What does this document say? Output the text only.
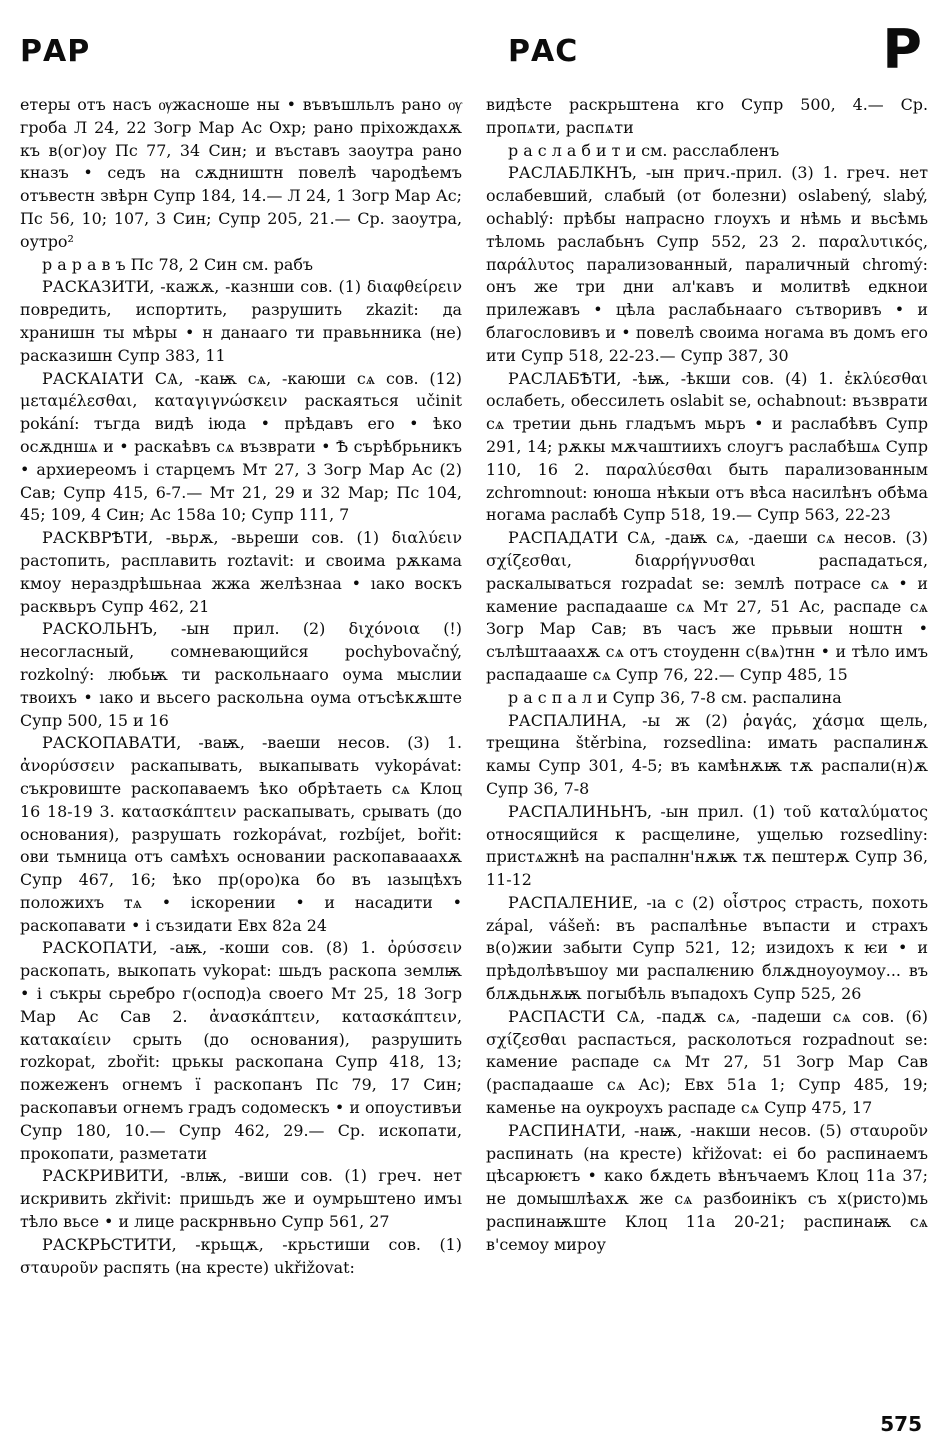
РАР	РАС	Р

етеры отъ насъ ѹжасноше ны • въвъшльлъ рано ѹ гроба Л 24, 22 Зогр Мар Ас Охр; рано прiхождахѫ къ в(ог)оу Пс 77, 34 Син; и въставъ заоутра рано кназъ • седъ на сѫдништн повелѣ чародѣемъ отъвестн звѣрн Супр 184, 14.— Л 24, 1 Зогр Мар Ас; Пс 56, 10; 107, 3 Син; Супр 205, 21.— Ср. заоутра, оутро²

р а р а в ъ Пс 78, 2 Син см. рабъ

РАСКАЗИТИ, -кажѫ, -казнши сов. (1) διαφθείρειν повредить, испортить, разрушить zkazit: да хранишн ты мѣры • н данааго ти правьнника (не) расказишн Супр 383, 11

РАСКАIАТИ СѦ, -каѭ сѧ, -каюши сѧ сов. (12) μεταμέλεσθαι, καταγιγνώσκειν раскаяться učinit pokání: тъгда видѣ іюда • прѣдавъ его • ѣко осѫдншѧ и • раскаѣвъ сѧ възврати • Ѣ сърѣбрьникъ • архиереомъ і старцемъ Мт 27, 3 Зогр Мар Ас (2) Сав; Супр 415, 6-7.— Мт 21, 29 и 32 Мар; Пс 104, 45; 109, 4 Син; Ас 158а 10; Супр 111, 7

РАСКВРѢТИ, -вьрѫ, -вьреши сов. (1) διαλύειν растопить, расплавить roztavit: и своима рѫкама кмоу нераздрѣшьнаа жжа желѣзнаа • ıако воскъ расквьръ Супр 462, 21

РАСКОЛЬНЪ, -ын прил. (2) διχόνοια (!) несогласный, сомневающийся pochybovačný, rozkolný: любьѭ ти раскольнааго оума мыслии твоихъ • ıако и вьсего раскольна оума отъсѣкѫште Супр 500, 15 и 16

РАСКОПАВАТИ, -ваѭ, -ваеши несов. (3) 1. ἀνορύσσειν раскапывать, выкапывать vykopávat: съкровиште раскопаваемъ ѣко обрѣтаеть сѧ Клоц 16 18-19 3. κατασκάπτειν раскапывать, срывать (до основания), разрушать rozkopávat, rozbíjet, bořit: ови тьмница отъ самѣхъ основании раскопавааахѫ Супр 467, 16; ѣко пр(оро)ка бо въ ıазыцѣхъ положихъ тѧ • іскорении • и насадити • раскопавати • і съзидати Евх 82а 24

РАСКОПАТИ, -аѭ, -коши сов. (8) 1. ὀρύσσειν раскопать, выкопать vykopat: шьдъ раскопа землѭ • і съкры сьребро г(оспод)а своего Мт 25, 18 Зогр Мар Ас Сав 2. ἀνασκάπτειν, κατασκάπτειν, κατακαίειν срыть (до основания), разрушить rozkopat, zbořit: црькы раскопана Супр 418, 13; пожеженъ огнемъ ї раскопанъ Пс 79, 17 Син; раскопавъи огнемъ градъ содомескъ • и опоустивъи Супр 180, 10.— Супр 462, 29.— Ср. ископати, прокопати, разметати

РАСКРИВИТИ, -влѭ, -виши сов. (1) греч. нет искривить zkřivit: пришьдъ же и оумрьштено имъı тѣло вьсе • и лице раскрнвьно Супр 561, 27

РАСКРЬСТИТИ, -крьщѫ, -крьстиши сов. (1) σταυροῦν распять (на кресте) ukřižovat:

видѣсте раскрьштена кго Супр 500, 4.— Ср. пропѧти, распѧти

р а с л а б и т и см. расслабленъ

РАСЛАБЛКНЪ, -ын прич.-прил. (3) 1. греч. нет ослабевший, слабый (от болезни) oslabený, slabý, ochablý: прѣбы напрасно глоухъ и нѣмь и вьсѣмь тѣломь раслабьнъ Супр 552, 23 2. παραλυτικός, παράλυτος парализованный, параличный chromý: онъ же три дни ал'кавъ и молитвѣ едкнои прилежавъ • цѣла раслабьнааго сътворивъ • и благословивъ и • повелѣ своима ногама въ домъ его ити Супр 518, 22-23.— Супр 387, 30

РАСЛАБѢТИ, -ѣѭ, -ѣкши сов. (4) 1. ἐκλύεσθαι ослабеть, обессилеть oslabit se, ochabnout: възврати сѧ третии дьнь гладъмъ мьръ • и раслабѣвъ Супр 291, 14; рѫкы мѫчаштиихъ слоугъ раслабѣшѧ Супр 110, 16 2. παραλύεσθαι быть парализованным zchromnout: юноша нѣкыи отъ вѣса насилѣнъ обѣма ногама раслабѣ Супр 518, 19.— Супр 563, 22-23

РАСПАДАТИ СѦ, -даѭ сѧ, -даеши сѧ несов. (3) σχίζεσθαι, διαρρήγνυσθαι распадаться, раскалываться rozpadat se: землѣ потрасе сѧ • и камение распадааше сѧ Мт 27, 51 Ас, распаде сѧ Зогр Мар Сав; въ часъ же прьвыи ноштн • сълѣштааахѫ сѧ отъ стоуденн с(вѧ)тнн • и тѣло имъ распадааше сѧ Супр 76, 22.— Супр 485, 15

р а с п а л и Супр 36, 7-8 см. распалина

РАСПАЛИНА, -ы ж (2) ῥαγάς, χάσμα щель, трещина štěrbina, rozsedlina: имать распалинѫ камы Супр 301, 4-5; въ камѣнѫѭ тѫ распали(н)ѫ Супр 36, 7-8

РАСПАЛИНЬНЪ, -ын прил. (1) τοῦ καταλύματος относящийся к расщелине, ущелью rozsedliny: пристѧжнѣ на распалнн'нѫѭ тѫ пештерѫ Супр 36, 11-12

РАСПАЛЕНИЕ, -ıа с (2) οἶστρος страсть, похоть zápal, vášeň: въ распалѣнье въпасти и страхъ в(о)жии забыти Супр 521, 12; изидохъ к ѥи • и прѣдолѣвъшоу ми распалѥнию блѫдноуоумоу... въ блѫдьнѫѭ погыбѣль въпадохъ Супр 525, 26

РАСПАСТИ СѦ, -падѫ сѧ, -падеши сѧ сов. (6) σχίζεσθαι распасться, расколоться rozpadnout se: камение распаде сѧ Мт 27, 51 Зогр Мар Сав (распадааше сѧ Ас); Евх 51а 1; Супр 485, 19; каменье на оукроухъ распаде сѧ Супр 475, 17

РАСПИНАТИ, -наѭ, -накши несов. (5) σταυροῦν распинать (на кресте) křižovat: еі бо распинаемъ цѣсарюѥтъ • како бѫдеть вѣнъчаемъ Клоц 11а 37; не домышлѣахѫ же сѧ разбоинікъ съ х(ристо)мь распинаѭште Клоц 11а 20-21; распинаѭ сѧ в'семоу мироу

575
